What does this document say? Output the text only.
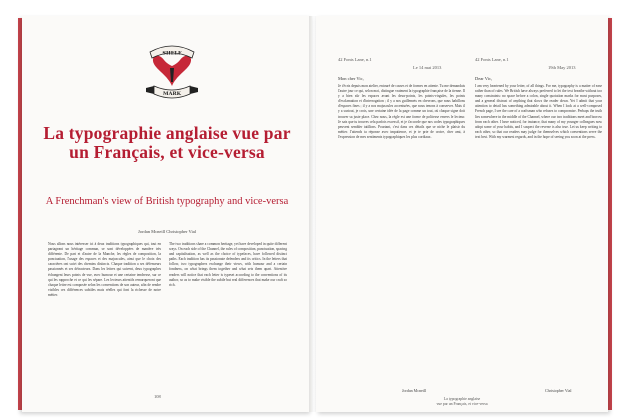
SHELF
MARK
La typographie anglaise vue par un Français, et vice-versa
A Frenchman's view of British typography and vice-versa
Jordan Mcneill Christopher Vial
Nous allons nous intéresser ici à deux traditions typographiques qui, tout en partageant un héritage commun, se sont développées de manière très différente. De part et d'autre de la Manche, les règles de composition, la ponctuation, l'usage des espaces et des majuscules, ainsi que le choix des caractères ont suivi des chemins distincts. Chaque tradition a ses défenseurs passionnés et ses détracteurs. Dans les lettres qui suivent, deux typographes échangent leurs points de vue, avec humour et une certaine tendresse, sur ce qui les rapproche et ce qui les sépare. Les lecteurs attentifs remarqueront que chaque lettre est composée selon les conventions de son auteur, afin de rendre visibles ces différences subtiles mais réelles qui font la richesse de notre métier.
The two traditions share a common heritage, yet have developed in quite different ways. On each side of the Channel, the rules of composition, punctuation, spacing and capitalisation, as well as the choice of typefaces, have followed distinct paths. Each tradition has its passionate defenders and its critics. In the letters that follow, two typographers exchange their views, with humour and a certain fondness, on what brings them together and what sets them apart. Attentive readers will notice that each letter is typeset according to the conventions of its author, so as to make visible the subtle but real differences that make our craft so rich.
108
42 Fonts Lane, n.1
Le 14 mai 2013
42 Fonts Lane, n.1
19th May 2013
Mon cher Vic,	Dear Vic,
Je t'écris depuis mon atelier, entouré de casses et de formes en attente. Tu me demandais l'autre jour ce qui, selon moi, distingue vraiment la typographie française de la tienne. Il y a bien sûr les espaces avant les deux-points, les points-virgules, les points d'exclamation et d'interrogation ; il y a nos guillemets en chevrons, que nous habillons d'espaces fines ; il y a nos majuscules accentuées, que nous tenons à conserver. Mais il y a surtout, je crois, une certaine idée de la page comme un tout, où chaque signe doit trouver sa juste place. Chez nous, la règle est une forme de politesse envers le lecteur. Je sais que tu trouves cela parfois excessif, et je t'accorde que nos codes typographiques peuvent sembler tatillons. Pourtant, c'est dans ces détails que se niche le plaisir du métier. J'attends ta réponse avec impatience, et je te prie de croire, cher ami, à l'expression de mes sentiments typographiques les plus cordiaux.
I am very heartened by your letter, of all things. For me, typography is a matter of ease rather than of rules. We British have always preferred to let the text breathe without too many constraints: no space before a colon, single quotation marks for most purposes, and a general distrust of anything that slows the reader down. Yet I admit that your attention to detail has something admirable about it. When I look at a well-composed French page, I see the care of a craftsman who refuses to compromise. Perhaps the truth lies somewhere in the middle of the Channel, where our two traditions meet and borrow from each other. I have noticed, for instance, that many of my younger colleagues now adopt some of your habits, and I suspect the reverse is also true. Let us keep writing to each other, so that our readers may judge for themselves which conventions serve the text best. With my warmest regards, and in the hope of seeing you soon at the press.
Jordan Mcneill	Christopher Vial
La typographie anglaise
vue par un Français, et vice-versa
